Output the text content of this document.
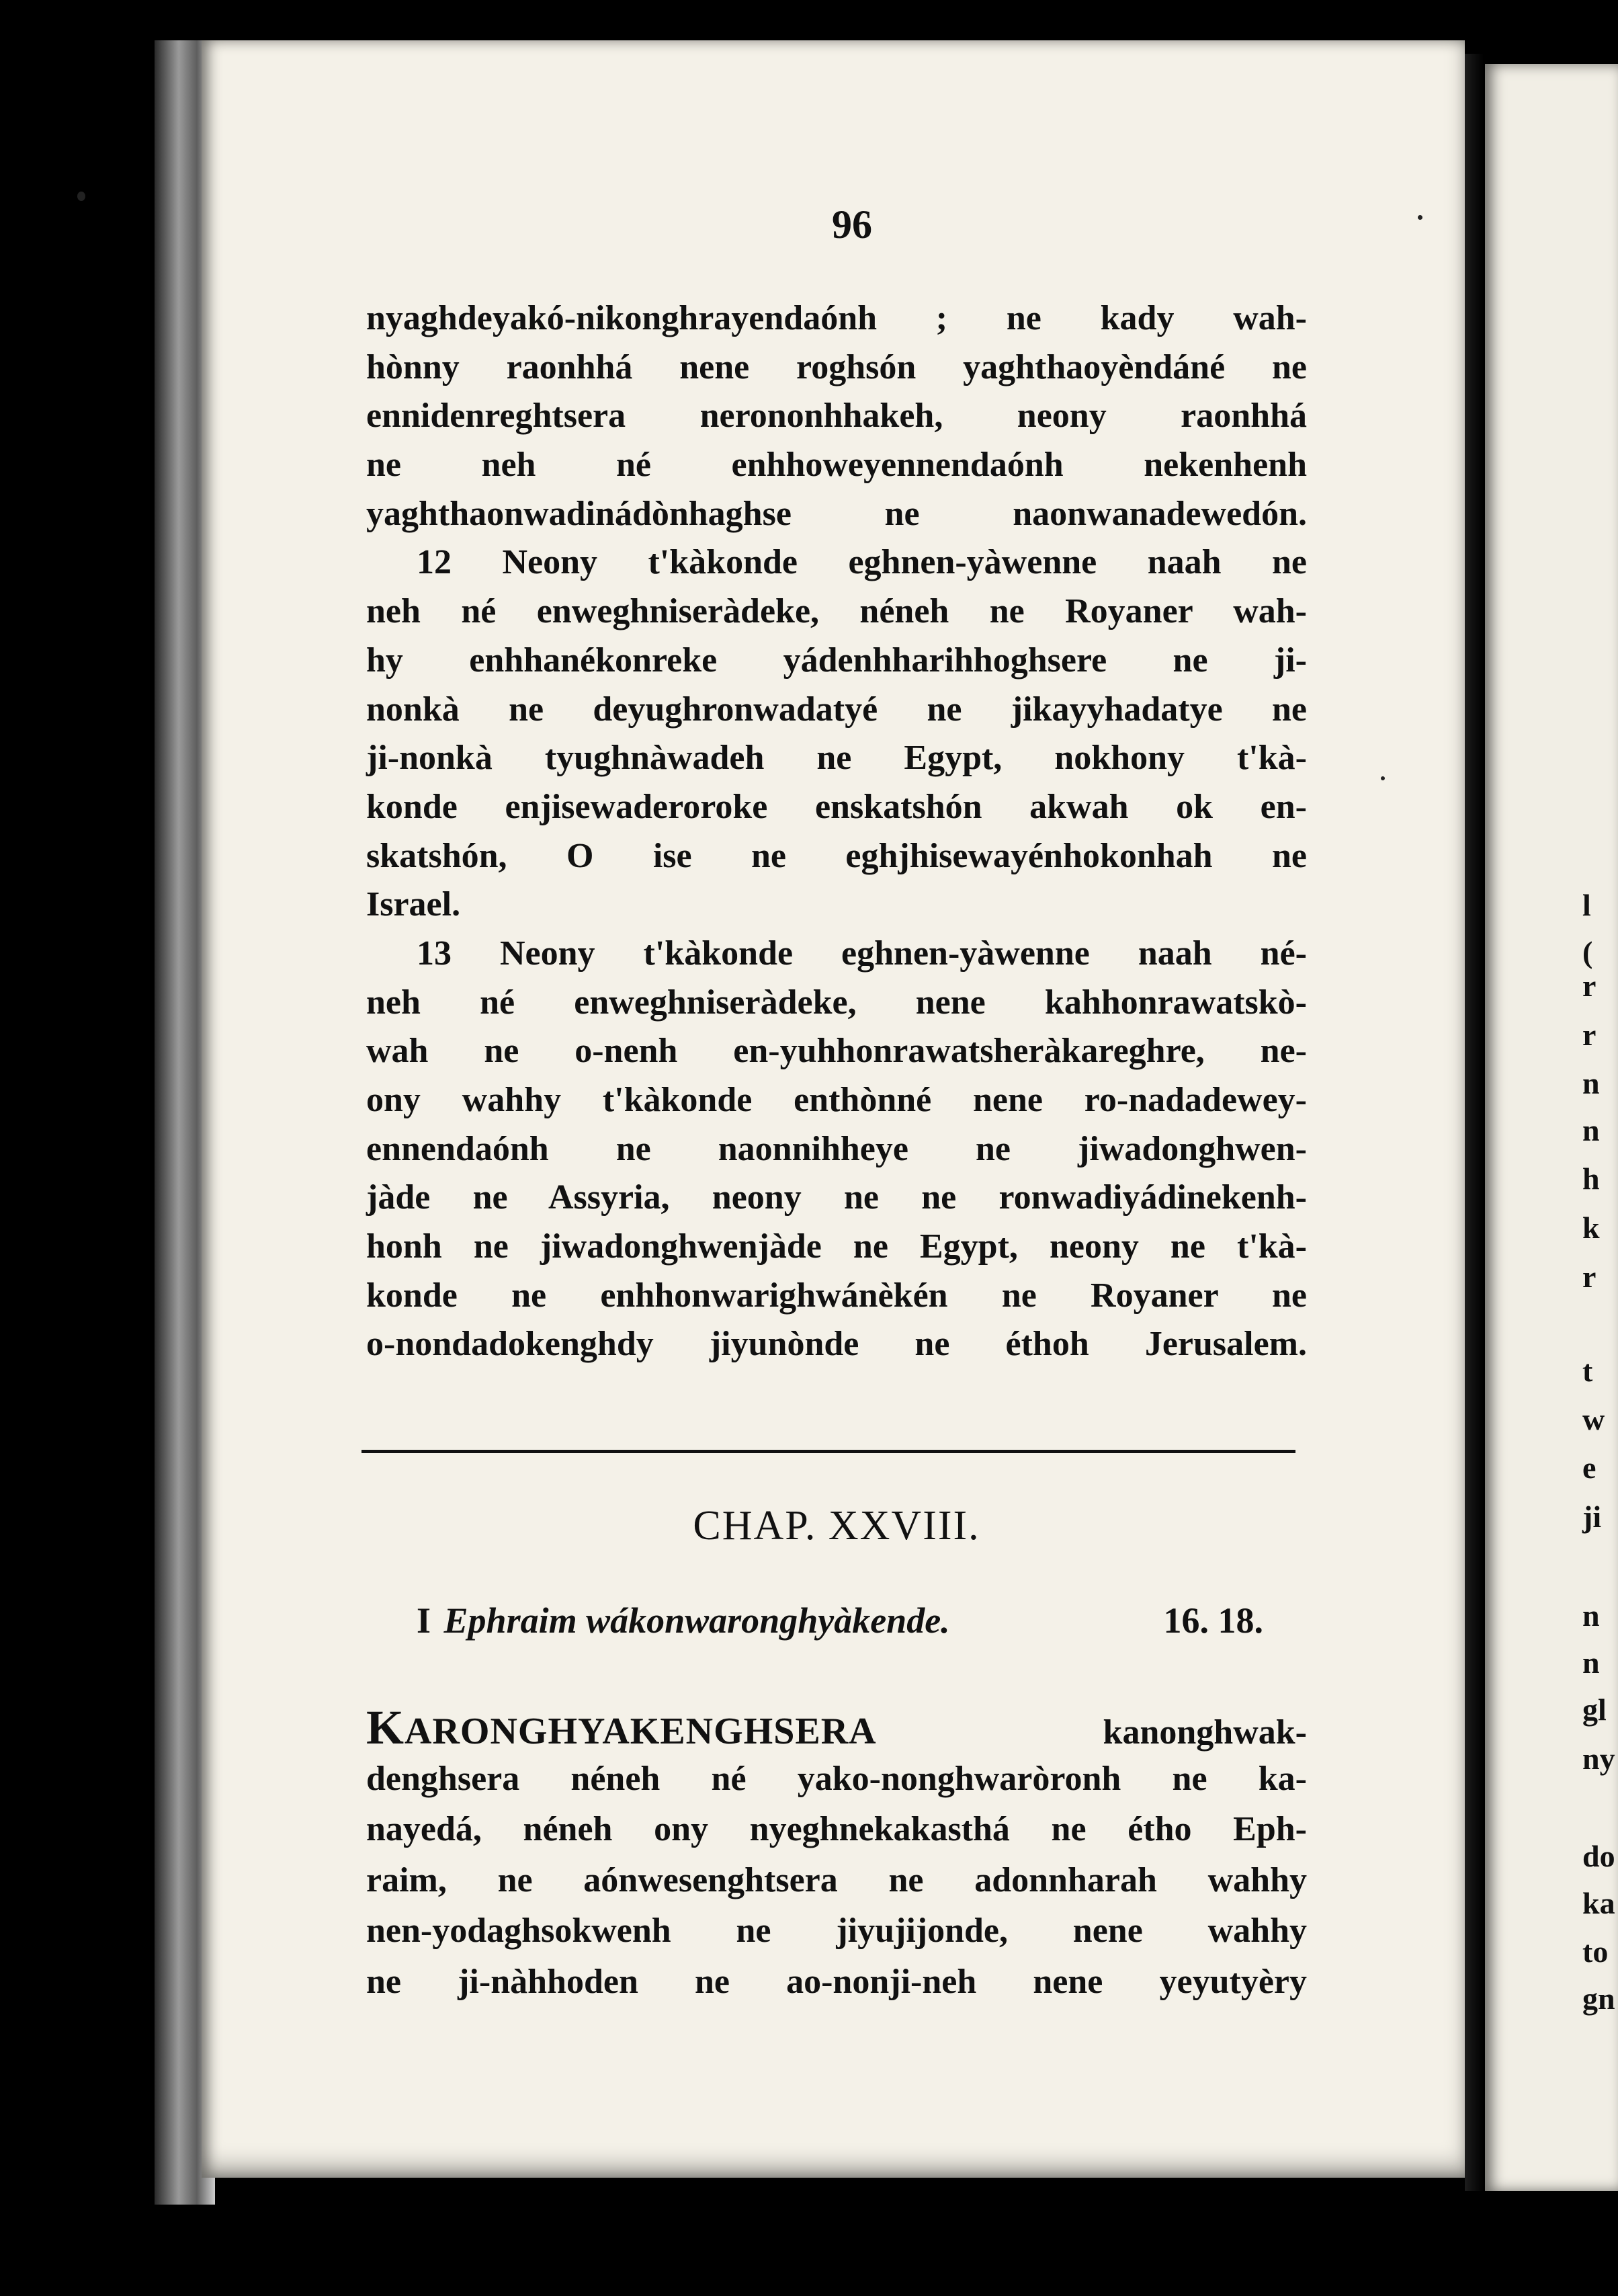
l
(
r
r
n
n
h
k
r
t
w
e
ji
n
n
gl
ny
do
ka
to
gn
96
nyaghdeyakó-nikonghrayendaónh ; ne kady wah-
hònny raonhhá nene roghsón yaghthaoyèndáné ne
ennidenreghtsera nerononhhakeh, neony raonhhá
ne neh né enhhoweyennendaónh nekenhenh
yaghthaonwadinádònhaghse ne naonwanadewedón.
12 Neony t'kàkonde eghnen-yàwenne naah ne
neh né enweghniseràdeke, néneh ne Royaner wah-
hy enhhanékonreke yádenhharihhoghsere ne ji-
nonkà ne deyughronwadatyé ne jikayyhadatye ne
ji-nonkà tyughnàwadeh ne Egypt, nokhony t'kà-
konde enjisewaderoroke enskatshón akwah ok en-
skatshón, O ise ne eghjhisewayénhokonhah ne
Israel.
13 Neony t'kàkonde eghnen-yàwenne naah né-
neh né enweghniseràdeke, nene kahhonrawatskò-
wah ne o-nenh en-yuhhonrawatsheràkareghre, ne-
ony wahhy t'kàkonde enthònné nene ro-nadadewey-
ennendaónh ne naonnihheye ne jiwadonghwen-
jàde ne Assyria, neony ne ne ronwadiyádinekenh-
honh ne jiwadonghwenjàde ne Egypt, neony ne t'kà-
konde ne enhhonwarighwánèkén ne Royaner ne
o-nondadokenghdy jiyunònde ne éthoh Jerusalem.
CHAP. XXVIII.
I Ephraim wákonwaronghyàkende.	16. 18.
KARONGHYAKENGHSERA	kanonghwak-
denghsera néneh né yako-nonghwaròronh ne ka-
nayedá, néneh ony nyeghnekakasthá ne étho Eph-
raim, ne aónwesenghtsera ne adonnharah wahhy
nen-yodaghsokwenh ne jiyujijonde, nene wahhy
ne ji-nàhhoden ne ao-nonji-neh nene yeyutyèry
